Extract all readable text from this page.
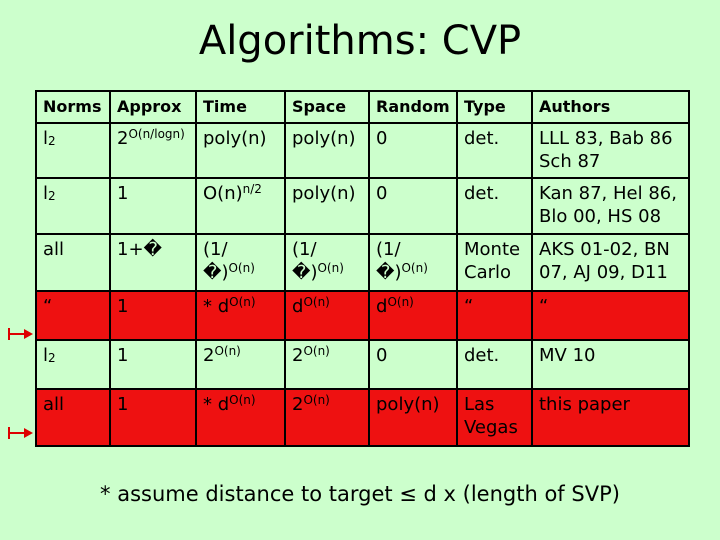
Algorithms: CVP
Norms	Approx	Time	Space	Random	Type	Authors
l2	$2^{O(n/logn)}$	poly(n)	poly(n)	0	det.	LLL 83, Bab 86 Sch 87
l2	1	$O(n)^{n/2}$	poly(n)	0	det.	Kan 87, Hel 86, Blo 00, HS 08
all	1+�	(1/�)$^{O(n)}$	(1/�)$^{O(n)}$	(1/�)$^{O(n)}$	Monte Carlo	AKS 01-02, BN 07, AJ 09, D11
“	1	* $d^{O(n)}$	$d^{O(n)}$	$d^{O(n)}$	“	“
l2	1	$2^{O(n)}$	$2^{O(n)}$	0	det.	MV 10
all	1	* $d^{O(n)}$	$2^{O(n)}$	poly(n)	Las Vegas	this paper
* assume distance to target ≤ d x (length of SVP)
